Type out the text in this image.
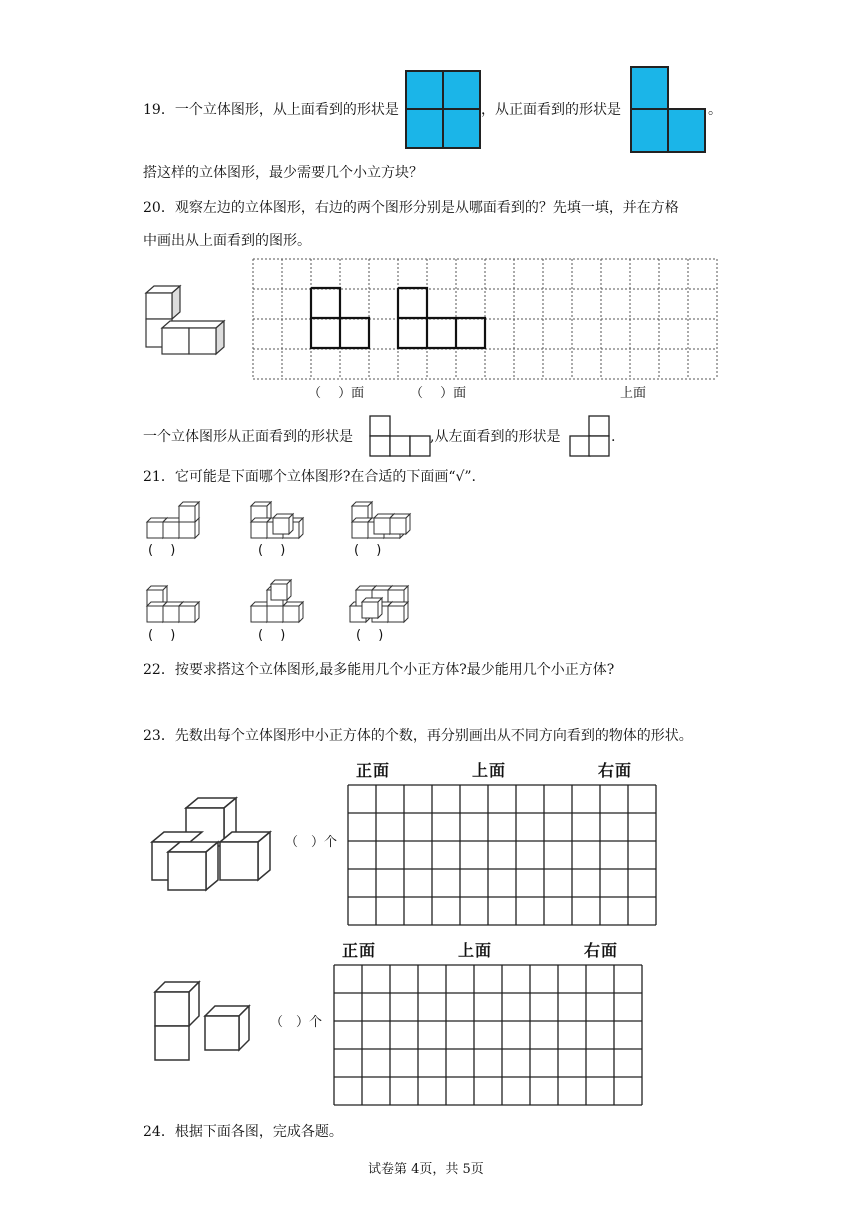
19．一个立体图形，从上面看到的形状是	，从正面看到的形状是	。
搭这样的立体图形，最少需要几个小立方块？
20．观察左边的立体图形，右边的两个图形分别是从哪面看到的？先填一填，并在方格
中画出从上面看到的图形。
（　 ）面	（　 ）面	上面
一个立体图形从正面看到的形状是	,从左面看到的形状是	.
21．它可能是下面哪个立体图形?在合适的下面画“√”.
(　 )	(　 )	(　 )
(　 )	(　 )	(　 )
22．按要求搭这个立体图形,最多能用几个小正方体?最少能用几个小正方体?
23．先数出每个立体图形中小正方体的个数，再分别画出从不同方向看到的物体的形状。
（　）个
正面	上面	右面
（　）个
正面	上面	右面
24．根据下面各图，完成各题。
试卷第 4页，共 5页
